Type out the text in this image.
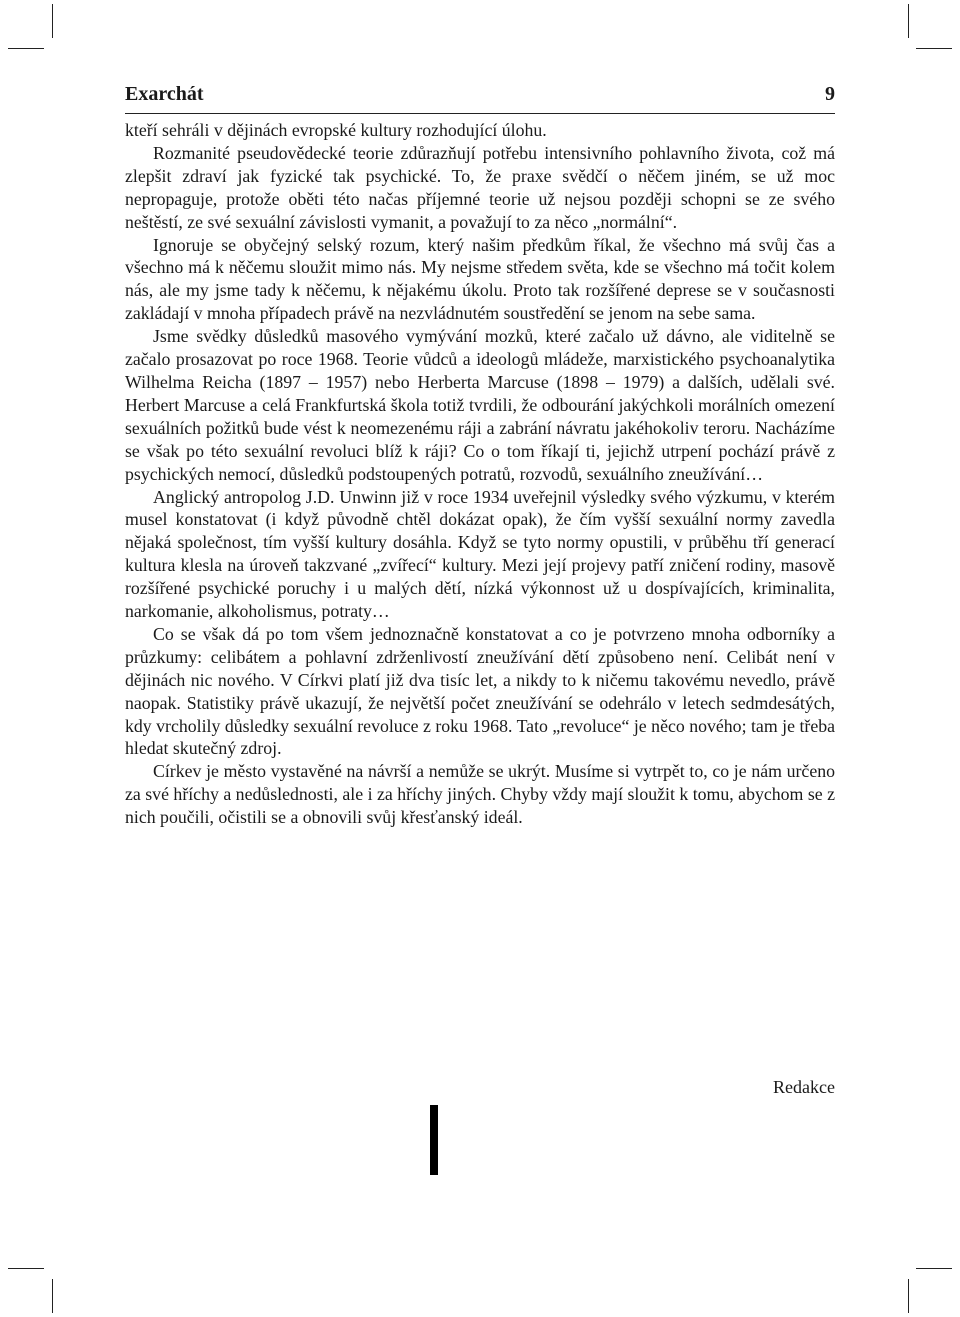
Exarchát	9

kteří sehráli v dějinách evropské kultury rozhodující úlohu.

Rozmanité pseudovědecké teorie zdůrazňují potřebu intensivního pohlavního života, což má zlepšit zdraví jak fyzické tak psychické. To, že praxe svědčí o něčem jiném, se už moc nepropaguje, protože oběti této načas příjemné teorie už nejsou později schopni se ze svého neštěstí, ze své sexuální závislosti vymanit, a považují to za něco „normální“.

Ignoruje se obyčejný selský rozum, který našim předkům říkal, že všechno má svůj čas a všechno má k něčemu sloužit mimo nás. My nejsme středem světa, kde se všechno má točit kolem nás, ale my jsme tady k něčemu, k nějakému úkolu. Proto tak rozšířené deprese se v současnosti zakládají v mnoha případech právě na nezvládnutém soustředění se jenom na sebe sama.

Jsme svědky důsledků masového vymývání mozků, které začalo už dávno, ale viditelně se začalo prosazovat po roce 1968. Teorie vůdců a ideologů mládeže, marxistického psychoanalytika Wilhelma Reicha (1897 – 1957) nebo Herberta Marcuse (1898 – 1979) a dalších, udělali své. Herbert Marcuse a celá Frankfurtská škola totiž tvrdili, že odbourání jakýchkoli morálních omezení sexuálních požitků bude vést k neomezenému ráji a zabrání návratu jakéhokoliv teroru. Nacházíme se však po této sexuální revoluci blíž k ráji? Co o tom říkají ti, jejichž utrpení pochází právě z psychických nemocí, důsledků podstoupených potratů, rozvodů, sexuálního zneužívání…

Anglický antropolog J.D. Unwinn již v roce 1934 uveřejnil výsledky svého výzkumu, v kterém musel konstatovat (i když původně chtěl dokázat opak), že čím vyšší sexuální normy zavedla nějaká společnost, tím vyšší kultury dosáhla. Když se tyto normy opustili, v průběhu tří generací kultura klesla na úroveň takzvané „zvířecí“ kultury. Mezi její projevy patří zničení rodiny, masově rozšířené psychické poruchy i u malých dětí, nízká výkonnost už u dospívajících, kriminalita, narkomanie, alkoholismus, potraty…

Co se však dá po tom všem jednoznačně konstatovat a co je potvrzeno mnoha odborníky a průzkumy: celibátem a pohlavní zdrženlivostí zneužívání dětí způsobeno není. Celibát není v dějinách nic nového. V Církvi platí již dva tisíc let, a nikdy to k ničemu takovému nevedlo, právě naopak. Statistiky právě ukazují, že největší počet zneužívání se odehrálo v letech sedmdesátých, kdy vrcholily důsledky sexuální revoluce z roku 1968. Tato „revoluce“ je něco nového; tam je třeba hledat skutečný zdroj.

Církev je město vystavěné na návrší a nemůže se ukrýt. Musíme si vytrpět to, co je nám určeno za své hříchy a nedůslednosti, ale i za hříchy jiných. Chyby vždy mají sloužit k tomu, abychom se z nich poučili, očistili se a obnovili svůj křesťanský ideál.

Redakce
